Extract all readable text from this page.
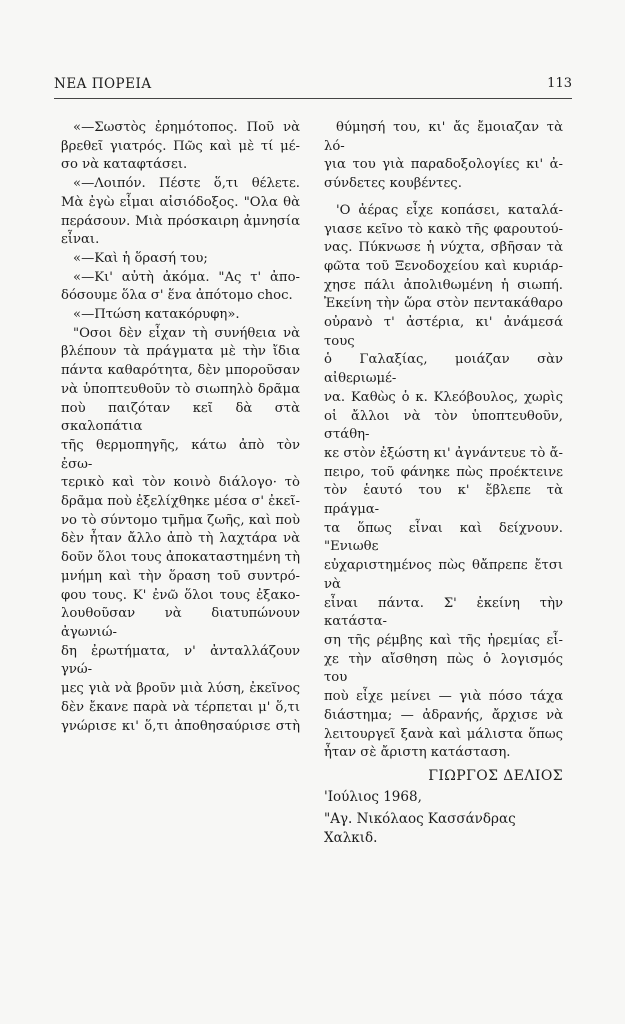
ΝΕΑ ΠΟΡΕΙΑ	113

«—Σωστὸς ἐρημότοπος. Ποῦ νὰ
βρεθεῖ γιατρός. Πῶς καὶ μὲ τί μέ-
σο νὰ καταφτάσει.

«—Λοιπόν. Πέστε ὅ,τι θέλετε.
Μὰ ἐγὼ εἶμαι αἰσιόδοξος. "Ολα θὰ
περάσουν. Μιὰ πρόσκαιρη ἀμνησία
εἶναι.

«—Καὶ ἡ ὅρασή του;

«—Κι' αὐτὴ ἀκόμα. "Ας τ' ἀπο-
δόσουμε ὅλα σ' ἕνα ἀπότομο choc.

«—Πτώση κατακόρυφη».

"Οσοι δὲν εἶχαν τὴ συνήθεια νὰ
βλέπουν τὰ πράγματα μὲ τὴν ἴδια
πάντα καθαρότητα, δὲν μποροῦσαν
νὰ ὑποπτευθοῦν τὸ σιωπηλὸ δρᾶμα
ποὺ παιζόταν κεῖ δὰ στὰ σκαλοπάτια
τῆς θερμοπηγῆς, κάτω ἀπὸ τὸν ἐσω-
τερικὸ καὶ τὸν κοινὸ διάλογο· τὸ
δρᾶμα ποὺ ἐξελίχθηκε μέσα σ' ἐκεῖ-
νο τὸ σύντομο τμῆμα ζωῆς, καὶ ποὺ
δὲν ἦταν ἄλλο ἀπὸ τὴ λαχτάρα νὰ
δοῦν ὅλοι τους ἀποκαταστημένη τὴ
μνήμη καὶ τὴν ὅραση τοῦ συντρό-
φου τους. Κ' ἐνῶ ὅλοι τους ἐξακο-
λουθοῦσαν νὰ διατυπώνουν ἀγωνιώ-
δη ἐρωτήματα, ν' ἀνταλλάζουν γνώ-
μες γιὰ νὰ βροῦν μιὰ λύση, ἐκεῖνος
δὲν ἔκανε παρὰ νὰ τέρπεται μ' ὅ,τι
γνώρισε κι' ὅ,τι ἀποθησαύρισε στὴ

θύμησή του, κι' ἄς ἔμοιαζαν τὰ λό-
για του γιὰ παραδοξολογίες κι' ἀ-
σύνδετες κουβέντες.

'Ο ἀέρας εἶχε κοπάσει, καταλά-
γιασε κεῖνο τὸ κακὸ τῆς φαρουτού-
νας. Πύκνωσε ἡ νύχτα, σβῆσαν τὰ
φῶτα τοῦ Ξενοδοχείου καὶ κυριάρ-
χησε πάλι ἀπολιθωμένη ἡ σιωπή.
Ἐκείνη τὴν ὥρα στὸν πεντακάθαρο
οὐρανὸ τ' ἀστέρια, κι' ἀνάμεσά τους
ὁ Γαλαξίας, μοιάζαν σὰν αἰθεριωμέ-
να. Καθὼς ὁ κ. Κλεόβουλος, χωρὶς
οἱ ἄλλοι νὰ τὸν ὑποπτευθοῦν, στάθη-
κε στὸν ἐξώστη κι' ἀγνάντευε τὸ ἄ-
πειρο, τοῦ φάνηκε πὼς προέκτεινε
τὸν ἑαυτό του κ' ἔβλεπε τὰ πράγμα-
τα ὅπως εἶναι καὶ δείχνουν. "Ενιωθε
εὐχαριστημένος πὼς θἄπρεπε ἔτσι νὰ
εἶναι πάντα. Σ' ἐκείνη τὴν κατάστα-
ση τῆς ρέμβης καὶ τῆς ἠρεμίας εἶ-
χε τὴν αἴσθηση πὼς ὁ λογισμός του
ποὺ εἶχε μείνει — γιὰ πόσο τάχα
διάστημα; — ἀδρανής, ἄρχισε νὰ
λειτουργεῖ ξανὰ καὶ μάλιστα ὅπως
ἦταν σὲ ἄριστη κατάσταση.

ΓΙΩΡΓΟΣ ΔΕΛΙΟΣ
'Ιούλιος 1968,
"Αγ. Νικόλαος Κασσάνδρας Χαλκιδ.
